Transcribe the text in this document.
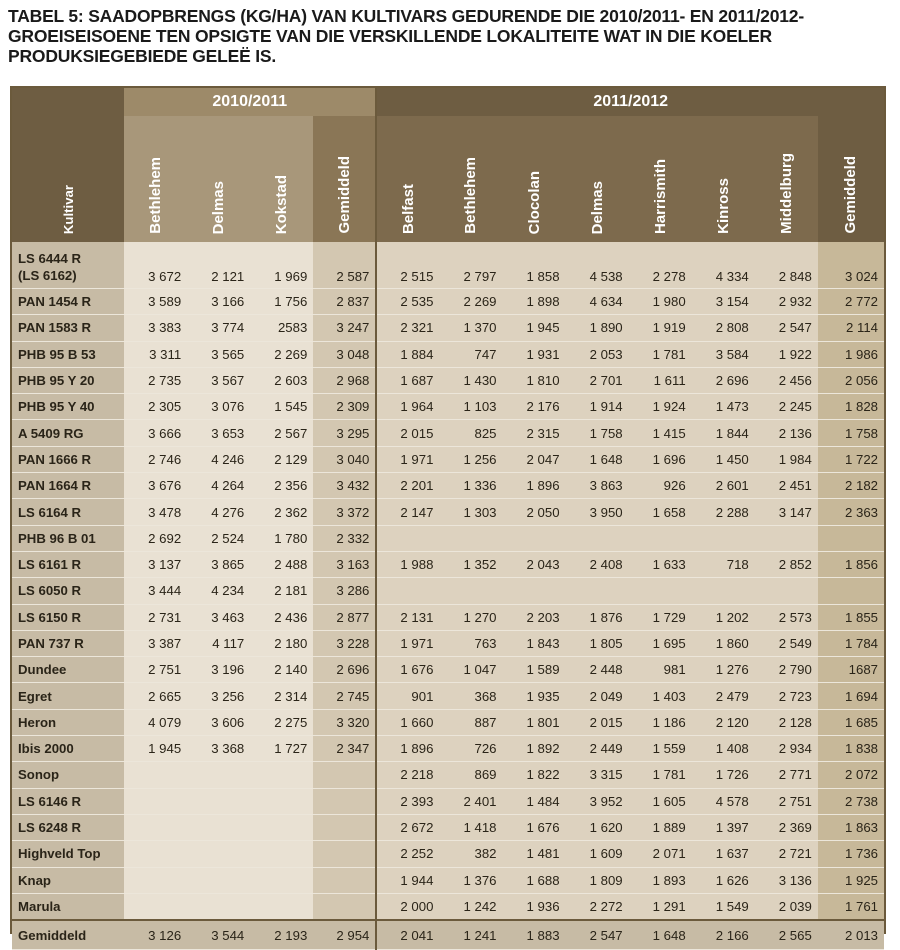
TABEL 5: SAADOPBRENGS (KG/HA) VAN KULTIVARS GEDURENDE DIE 2010/2011- EN 2011/2012-GROEISEISOENE TEN OPSIGTE VAN DIE VERSKILLENDE LOKALITEITE WAT IN DIE KOELER PRODUKSIEGEBIEDE GELEË IS.
Kultivar	2010/2011				2011/2012							

	Bethlehem	Delmas	Kokstad	Gemiddeld	Belfast	Bethlehem	Clocolan	Delmas	Harrismith	Kinross	Middelburg	Gemiddeld

LS 6444 R
(LS 6162)	3 672	2 121	1 969	2 587	2 515	2 797	1 858	4 538	2 278	4 334	2 848	3 024
PAN 1454 R	3 589	3 166	1 756	2 837	2 535	2 269	1 898	4 634	1 980	3 154	2 932	2 772
PAN 1583 R	3 383	3 774	2583	3 247	2 321	1 370	1 945	1 890	1 919	2 808	2 547	2 114
PHB 95 B 53	3 311	3 565	2 269	3 048	1 884	747	1 931	2 053	1 781	3 584	1 922	1 986
PHB 95 Y 20	2 735	3 567	2 603	2 968	1 687	1 430	1 810	2 701	1 611	2 696	2 456	2 056
PHB 95 Y 40	2 305	3 076	1 545	2 309	1 964	1 103	2 176	1 914	1 924	1 473	2 245	1 828
A 5409 RG	3 666	3 653	2 567	3 295	2 015	825	2 315	1 758	1 415	1 844	2 136	1 758
PAN 1666 R	2 746	4 246	2 129	3 040	1 971	1 256	2 047	1 648	1 696	1 450	1 984	1 722
PAN 1664 R	3 676	4 264	2 356	3 432	2 201	1 336	1 896	3 863	926	2 601	2 451	2 182
LS 6164 R	3 478	4 276	2 362	3 372	2 147	1 303	2 050	3 950	1 658	2 288	3 147	2 363
PHB 96 B 01	2 692	2 524	1 780	2 332								
LS 6161 R	3 137	3 865	2 488	3 163	1 988	1 352	2 043	2 408	1 633	718	2 852	1 856
LS 6050 R	3 444	4 234	2 181	3 286								
LS 6150 R	2 731	3 463	2 436	2 877	2 131	1 270	2 203	1 876	1 729	1 202	2 573	1 855
PAN 737 R	3 387	4 117	2 180	3 228	1 971	763	1 843	1 805	1 695	1 860	2 549	1 784
Dundee	2 751	3 196	2 140	2 696	1 676	1 047	1 589	2 448	981	1 276	2 790	1687
Egret	2 665	3 256	2 314	2 745	901	368	1 935	2 049	1 403	2 479	2 723	1 694
Heron	4 079	3 606	2 275	3 320	1 660	887	1 801	2 015	1 186	2 120	2 128	1 685
Ibis 2000	1 945	3 368	1 727	2 347	1 896	726	1 892	2 449	1 559	1 408	2 934	1 838
Sonop					2 218	869	1 822	3 315	1 781	1 726	2 771	2 072
LS 6146 R					2 393	2 401	1 484	3 952	1 605	4 578	2 751	2 738
LS 6248 R					2 672	1 418	1 676	1 620	1 889	1 397	2 369	1 863
Highveld Top					2 252	382	1 481	1 609	2 071	1 637	2 721	1 736
Knap					1 944	1 376	1 688	1 809	1 893	1 626	3 136	1 925
Marula					2 000	1 242	1 936	2 272	1 291	1 549	2 039	1 761
Gemiddeld	3 126	3 544	2 193	2 954	2 041	1 241	1 883	2 547	1 648	2 166	2 565	2 013
